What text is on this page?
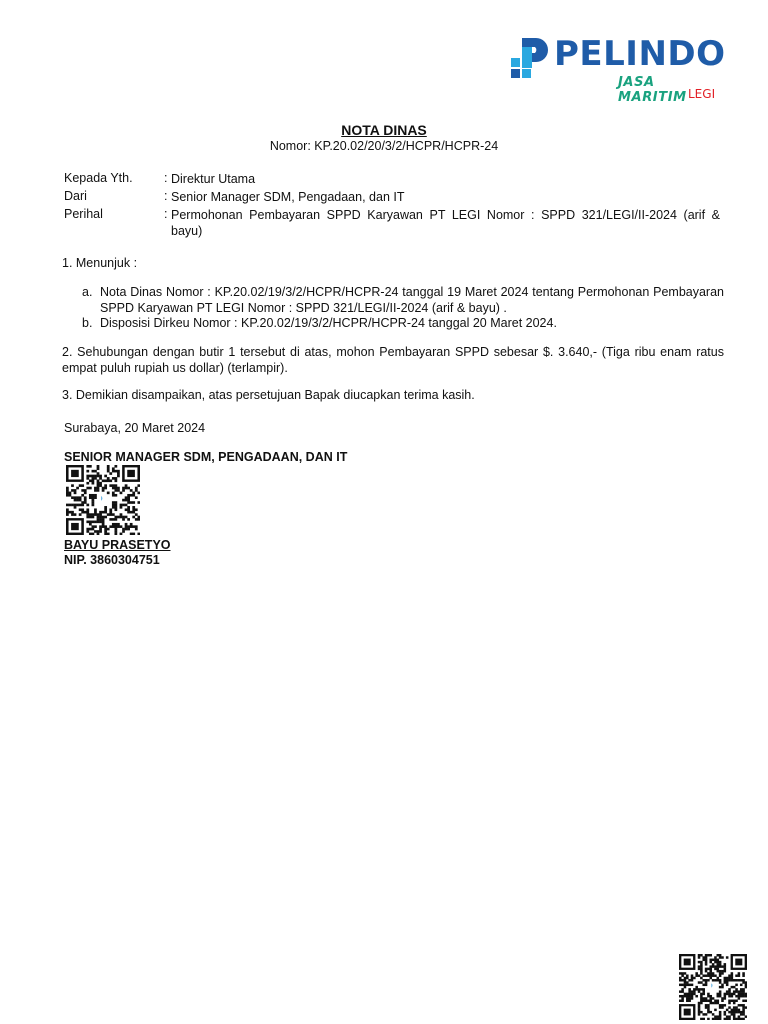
PELINDO
JASA MARITIM LEGI
NOTA DINAS
Nomor: KP.20.02/20/3/2/HCPR/HCPR-24
Kepada Yth.	: Direktur Utama
Dari	: Senior Manager SDM, Pengadaan, dan IT
Perihal	: Permohonan Pembayaran SPPD Karyawan PT LEGI Nomor : SPPD 321/LEGI/II-2024 (arif & bayu)
1. Menunjuk :
a. Nota Dinas Nomor : KP.20.02/19/3/2/HCPR/HCPR-24 tanggal 19 Maret 2024 tentang Permohonan Pembayaran SPPD Karyawan PT LEGI Nomor : SPPD 321/LEGI/II-2024 (arif & bayu) .
b. Disposisi Dirkeu Nomor : KP.20.02/19/3/2/HCPR/HCPR-24 tanggal 20 Maret 2024.
2. Sehubungan dengan butir 1 tersebut di atas, mohon Pembayaran SPPD sebesar $. 3.640,- (Tiga ribu enam ratus empat puluh rupiah us dollar) (terlampir).
3. Demikian disampaikan, atas persetujuan Bapak diucapkan terima kasih.
Surabaya, 20 Maret 2024
SENIOR MANAGER SDM, PENGADAAN, DAN IT
BAYU PRASETYO
NIP. 3860304751
